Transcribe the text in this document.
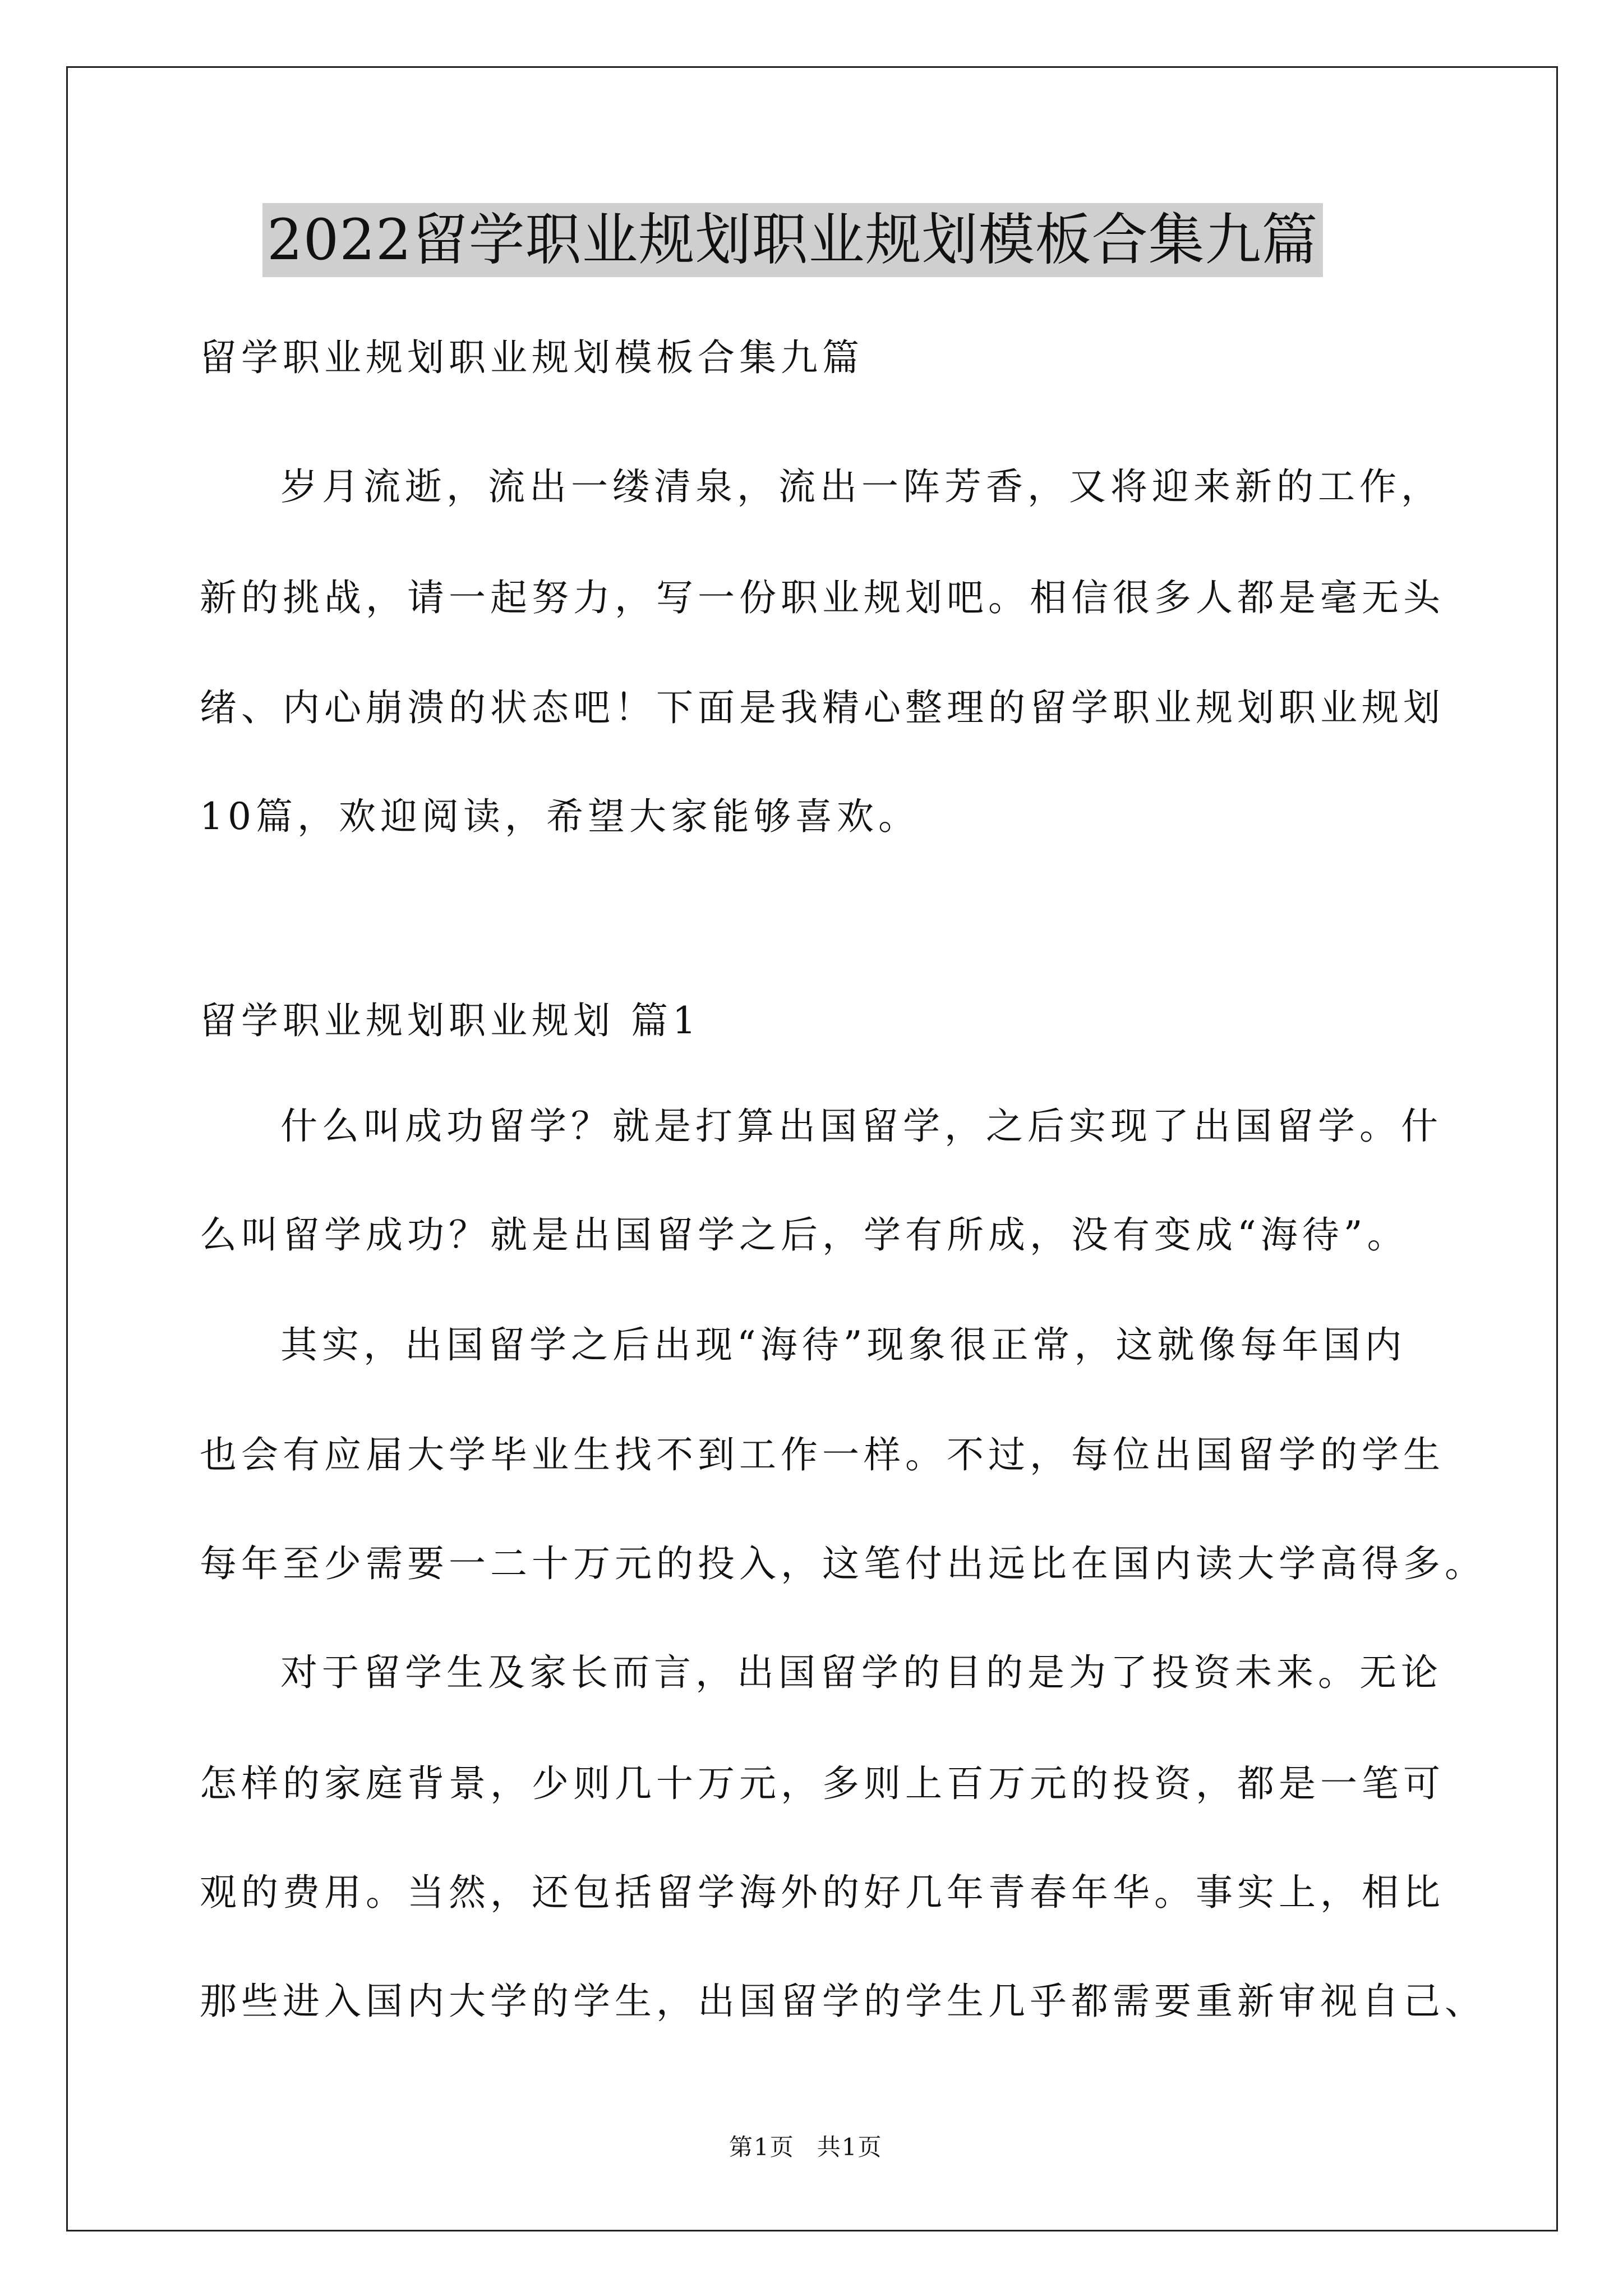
2022留学职业规划职业规划模板合集九篇
留学职业规划职业规划模板合集九篇
岁月流逝，流出一缕清泉，流出一阵芳香，又将迎来新的工作，
新的挑战，请一起努力，写一份职业规划吧。相信很多人都是毫无头
绪、内心崩溃的状态吧！下面是我精心整理的留学职业规划职业规划
10篇，欢迎阅读，希望大家能够喜欢。
留学职业规划职业规划 篇1
什么叫成功留学？就是打算出国留学，之后实现了出国留学。什
么叫留学成功？就是出国留学之后，学有所成，没有变成“海待”。
其实，出国留学之后出现“海待”现象很正常，这就像每年国内
也会有应届大学毕业生找不到工作一样。不过，每位出国留学的学生
每年至少需要一二十万元的投入，这笔付出远比在国内读大学高得多。
对于留学生及家长而言，出国留学的目的是为了投资未来。无论
怎样的家庭背景，少则几十万元，多则上百万元的投资，都是一笔可
观的费用。当然，还包括留学海外的好几年青春年华。事实上，相比
那些进入国内大学的学生，出国留学的学生几乎都需要重新审视自己、
第1页 共1页
